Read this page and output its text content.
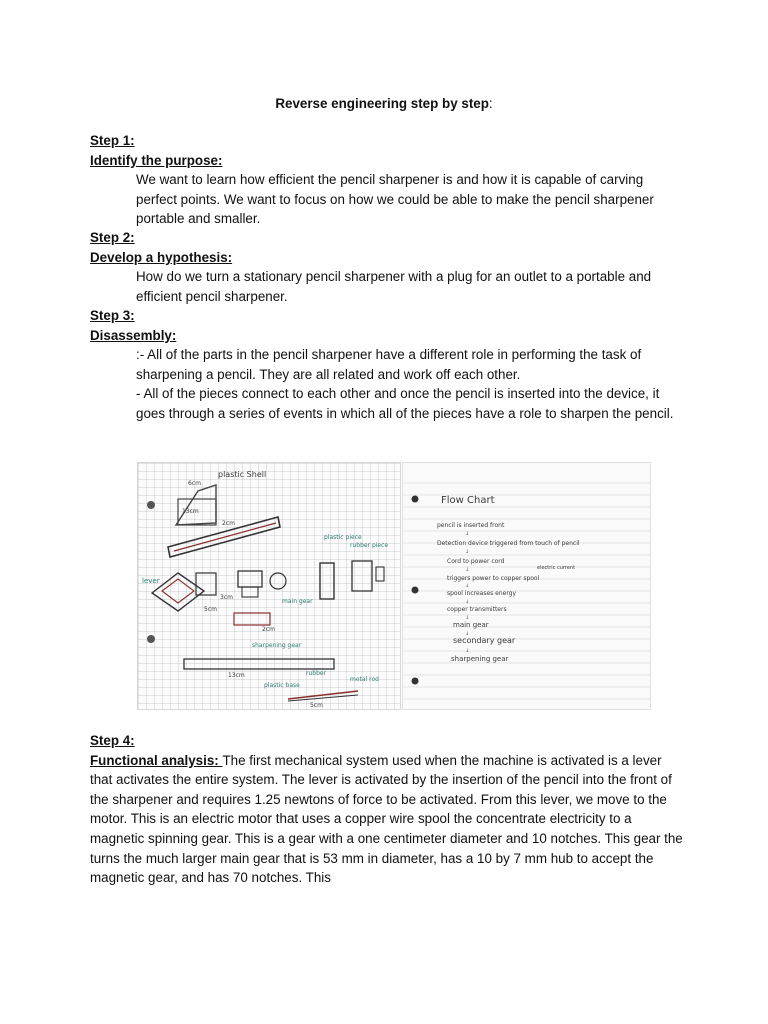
Reverse engineering step by step:

Step 1:

Identify the purpose:

We want to learn how efficient the pencil sharpener is and how it is capable of carving perfect points. We want to focus on how we could be able to make the pencil sharpener portable and smaller.

Step 2:

Develop a hypothesis:

How do we turn a stationary pencil sharpener with a plug for an outlet to a portable and efficient pencil sharpener.

Step 3:

Disassembly:

:- All of the parts in the pencil sharpener have a different role in performing the task of sharpening a pencil. They are all related and work off each other.

- All of the pieces connect to each other and once the pencil is inserted into the device, it goes through a series of events in which all of the pieces have a role to sharpen the pencil.

plastic Shell
6cm
13cm
2cm
lever
plastic piece
rubber piece
3cm
5cm
2cm
main gear
sharpening gear
plastic base
13cm	rubber
metal rod
5cm
Flow Chart
pencil is inserted front
Detection device triggered from touch of pencil
Cord to power cord
electric current
triggers power to copper spool
spool increases energy
copper transmitters
main gear
secondary gear
sharpening gear
↓
↓
↓
↓
↓
↓
↓
↓

Step 4:

Functional analysis: The first mechanical system used when the machine is activated is a lever that activates the entire system. The lever is activated by the insertion of the pencil into the front of the sharpener and requires 1.25 newtons of force to be activated. From this lever, we move to the motor. This is an electric motor that uses a copper wire spool the concentrate electricity to a magnetic spinning gear. This is a gear with a one centimeter diameter and 10 notches. This gear the turns the much larger main gear that is 53 mm in diameter, has a 10 by 7 mm hub to accept the magnetic gear, and has 70 notches. This
